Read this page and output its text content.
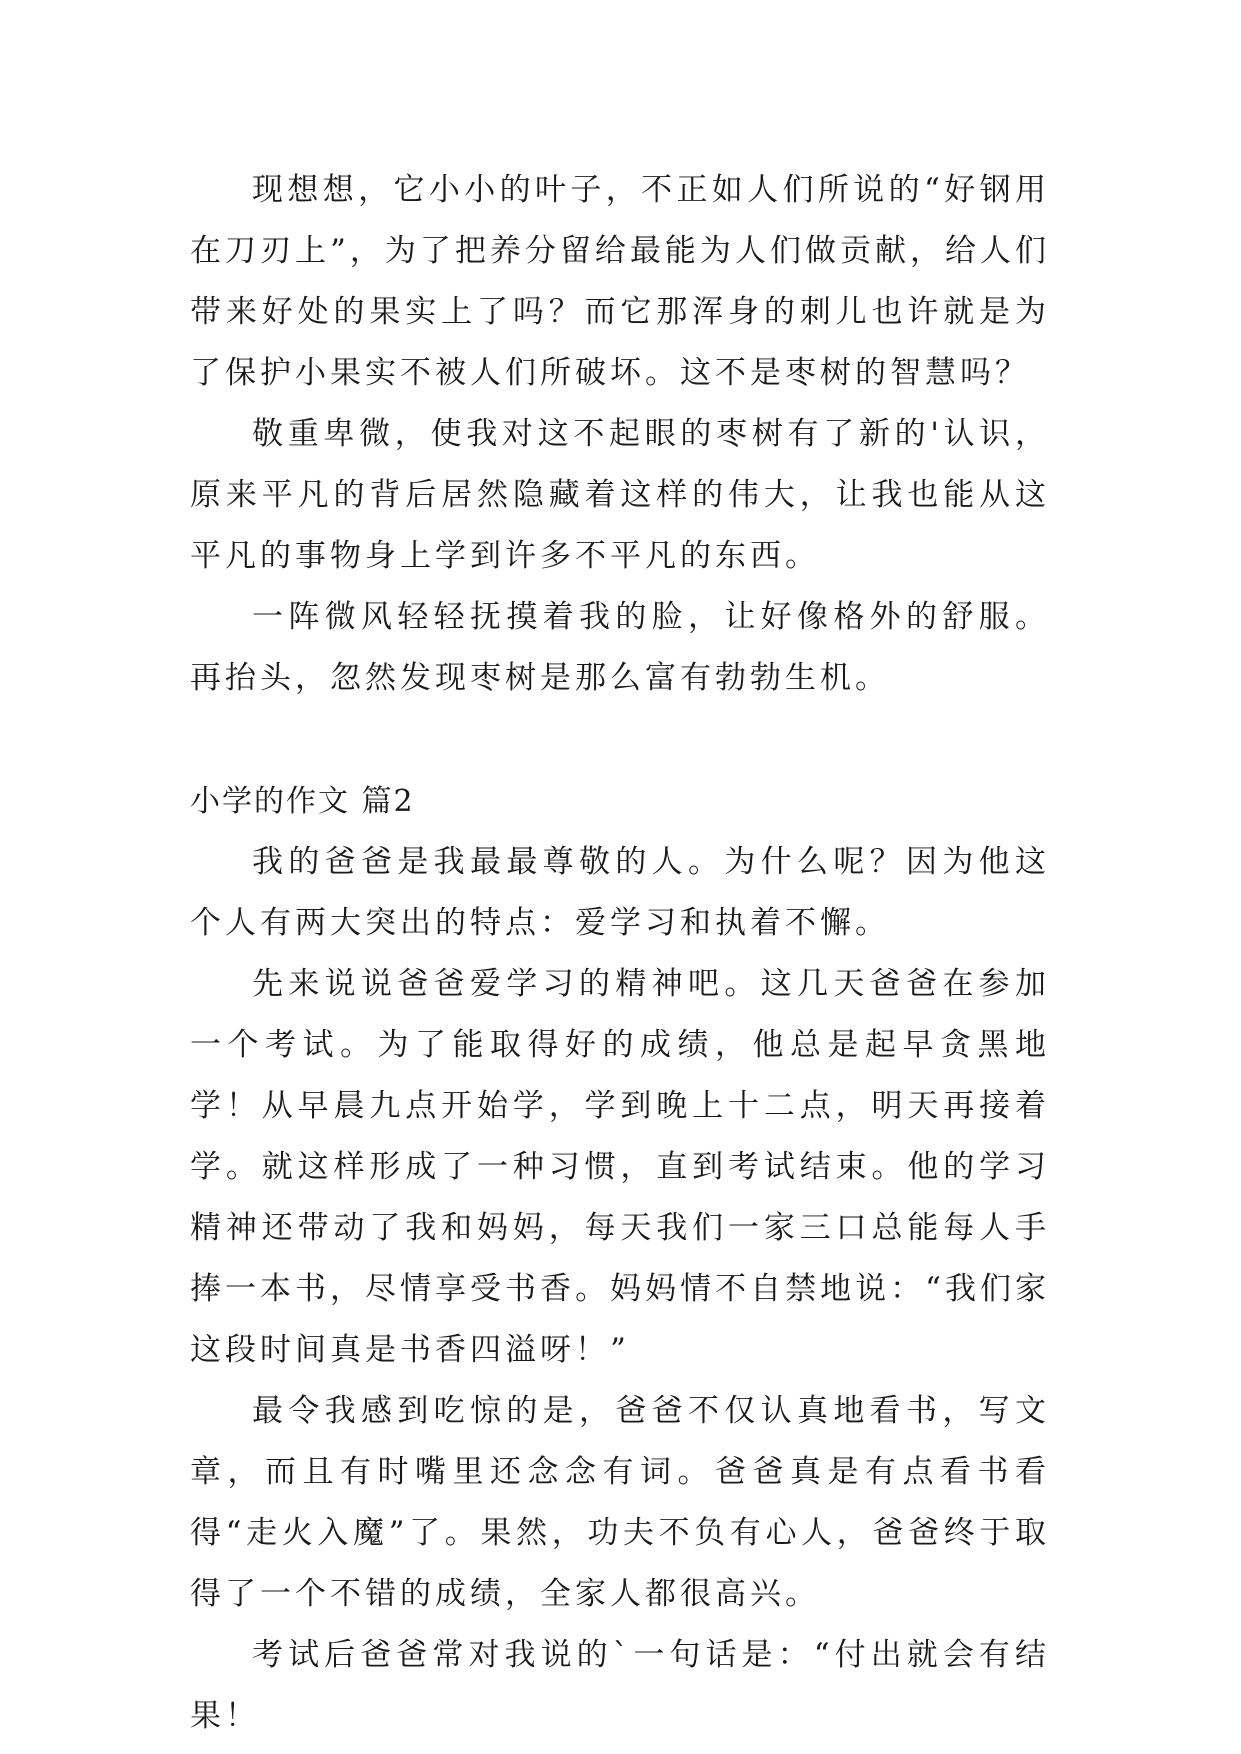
现想想，它小小的叶子，不正如人们所说的“好钢用在刀刃上”，为了把养分留给最能为人们做贡献，给人们带来好处的果实上了吗？而它那浑身的刺儿也许就是为了保护小果实不被人们所破坏。这不是枣树的智慧吗？

敬重卑微，使我对这不起眼的枣树有了新的'认识，原来平凡的背后居然隐藏着这样的伟大，让我也能从这平凡的事物身上学到许多不平凡的东西。

一阵微风轻轻抚摸着我的脸，让好像格外的舒服。再抬头，忽然发现枣树是那么富有勃勃生机。

小学的作文 篇2

我的爸爸是我最最尊敬的人。为什么呢？因为他这个人有两大突出的特点：爱学习和执着不懈。

先来说说爸爸爱学习的精神吧。这几天爸爸在参加一个考试。为了能取得好的成绩，他总是起早贪黑地学！从早晨九点开始学，学到晚上十二点，明天再接着学。就这样形成了一种习惯，直到考试结束。他的学习精神还带动了我和妈妈，每天我们一家三口总能每人手捧一本书，尽情享受书香。妈妈情不自禁地说：“我们家这段时间真是书香四溢呀！”

最令我感到吃惊的是，爸爸不仅认真地看书，写文章，而且有时嘴里还念念有词。爸爸真是有点看书看得“走火入魔”了。果然，功夫不负有心人，爸爸终于取得了一个不错的成绩，全家人都很高兴。

考试后爸爸常对我说的`一句话是：“付出就会有结果！
